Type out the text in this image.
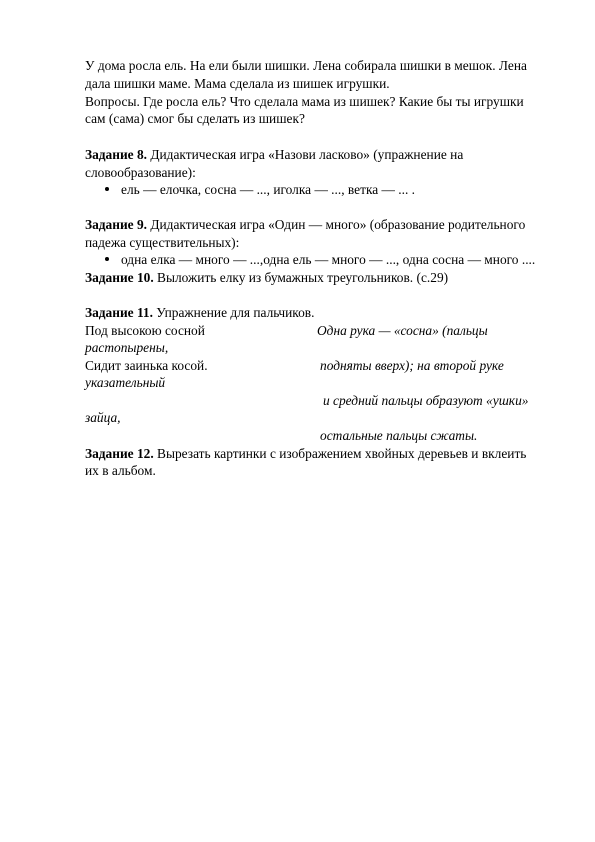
У дома росла ель. На ели были шишки. Лена собирала шишки в мешок. Лена
дала шишки маме. Мама сделала из шишек игрушки.
Вопросы. Где росла ель? Что сделала мама из шишек? Какие бы ты игрушки
сам (сама) смог бы сделать из шишек?
Задание 8. Дидактическая игра «Назови ласково» (упражнение на
словообразование):
ель — елочка, сосна — ..., иголка — ..., ветка — ... .
Задание 9. Дидактическая игра «Один — много» (образование родительного
падежа существительных):
одна елка — много — ...,одна ель — много — ..., одна сосна — много ....
Задание 10. Выложить елку из бумажных треугольников. (с.29)
Задание 11. Упражнение для пальчиков.
Под высокою сосной	Одна рука — «сосна» (пальцы
растопырены,
Сидит заинька косой.	подняты вверх); на второй руке
указательный
и средний пальцы образуют «ушки»
зайца,
остальные пальцы сжаты.
Задание 12. Вырезать картинки с изображением хвойных деревьев и вклеить
их в альбом.
